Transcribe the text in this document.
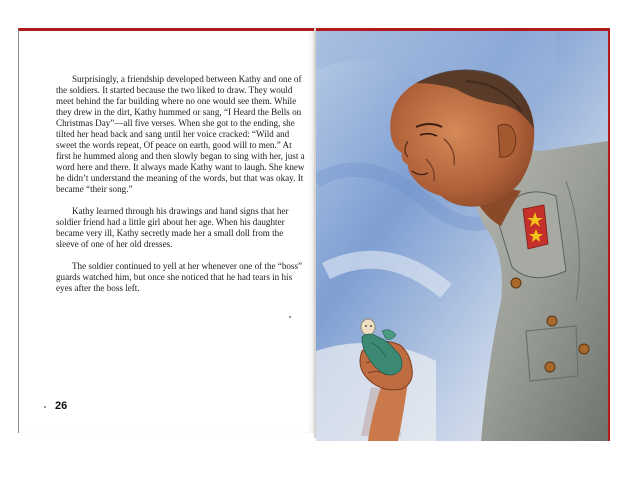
Surprisingly, a friendship developed between Kathy and one of the soldiers. It started because the two liked to draw. They would meet behind the far building where no one would see them. While they drew in the dirt, Kathy hummed or sang, “I Heard the Bells on Christmas Day”—all five verses. When she got to the ending, she tilted her head back and sang until her voice cracked: “Wild and sweet the words repeat, Of peace on earth, good will to men.” At first he hummed along and then slowly began to sing with her, just a word here and there. It always made Kathy want to laugh. She knew he didn’t understand the meaning of the words, but that was okay. It became “their song.”

Kathy learned through his drawings and hand signs that her soldier friend had a little girl about her age. When his daughter became very ill, Kathy secretly made her a small doll from the sleeve of one of her old dresses.

The soldier continued to yell at her whenever one of the “boss” guards watched him, but once she noticed that he had tears in his eyes after the boss left.

26
